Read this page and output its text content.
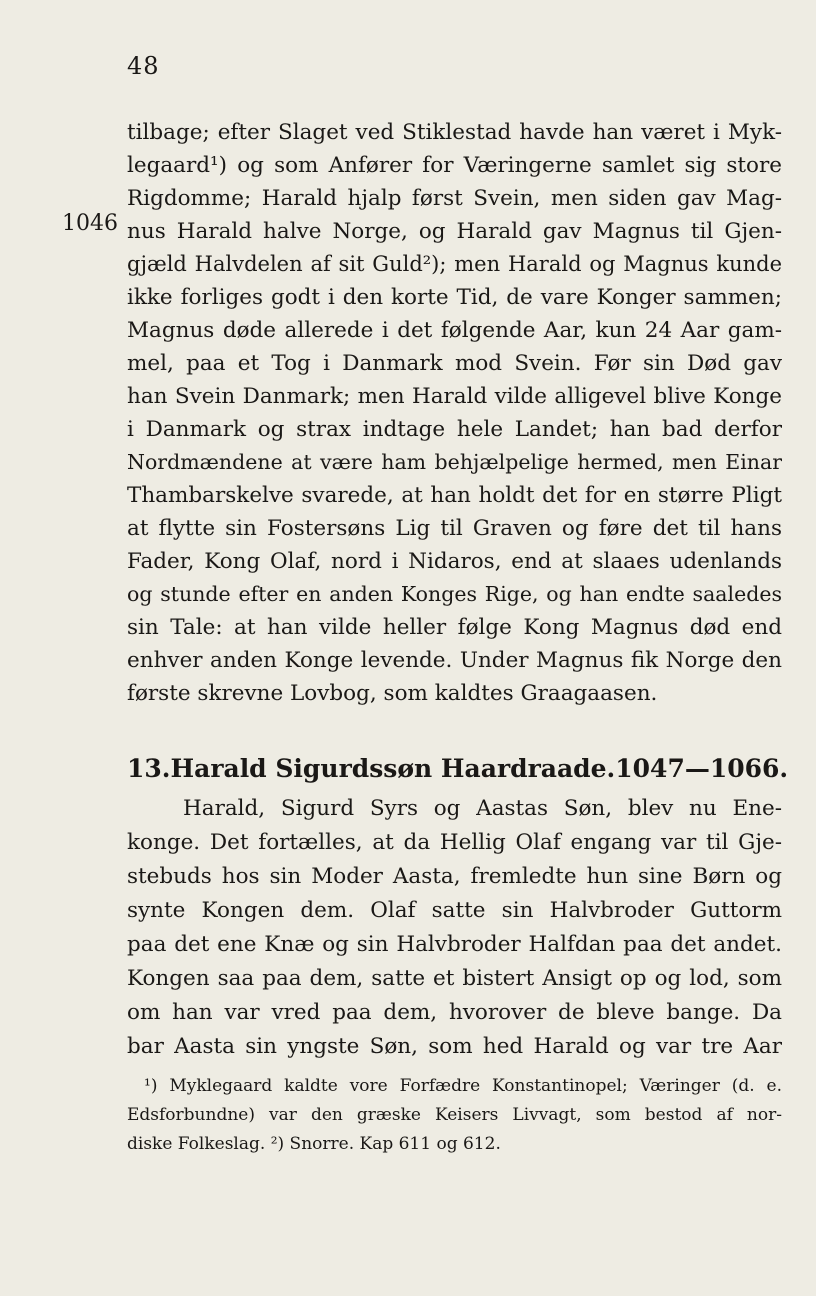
48
1046
tilbage; efter Slaget ved Stiklestad havde han været i Myk-
legaard¹) og som Anfører for Væringerne samlet sig store
Rigdomme; Harald hjalp først Svein, men siden gav Mag-
nus Harald halve Norge, og Harald gav Magnus til Gjen-
gjæld Halvdelen af sit Guld²); men Harald og Magnus kunde
ikke forliges godt i den korte Tid, de vare Konger sammen;
Magnus døde allerede i det følgende Aar, kun 24 Aar gam-
mel, paa et Tog i Danmark mod Svein. Før sin Død gav
han Svein Danmark; men Harald vilde alligevel blive Konge
i Danmark og strax indtage hele Landet; han bad derfor
Nordmændene at være ham behjælpelige hermed, men Einar
Thambarskelve svarede, at han holdt det for en større Pligt
at flytte sin Fostersøns Lig til Graven og føre det til hans
Fader, Kong Olaf, nord i Nidaros, end at slaaes udenlands
og stunde efter en anden Konges Rige, og han endte saaledes
sin Tale: at han vilde heller følge Kong Magnus død end
enhver anden Konge levende. Under Magnus fik Norge den
første skrevne Lovbog, som kaldtes Graagaasen.
13. Harald Sigurdssøn Haardraade. 1047—1066.
Harald, Sigurd Syrs og Aastas Søn, blev nu Ene-
konge. Det fortælles, at da Hellig Olaf engang var til Gje-
stebuds hos sin Moder Aasta, fremledte hun sine Børn og
synte Kongen dem. Olaf satte sin Halvbroder Guttorm
paa det ene Knæ og sin Halvbroder Halfdan paa det andet.
Kongen saa paa dem, satte et bistert Ansigt op og lod, som
om han var vred paa dem, hvorover de bleve bange. Da
bar Aasta sin yngste Søn, som hed Harald og var tre Aar
¹) Myklegaard kaldte vore Forfædre Konstantinopel; Væringer (d. e.
Edsforbundne) var den græske Keisers Livvagt, som bestod af nor-
diske Folkeslag. ²) Snorre. Kap 611 og 612.
